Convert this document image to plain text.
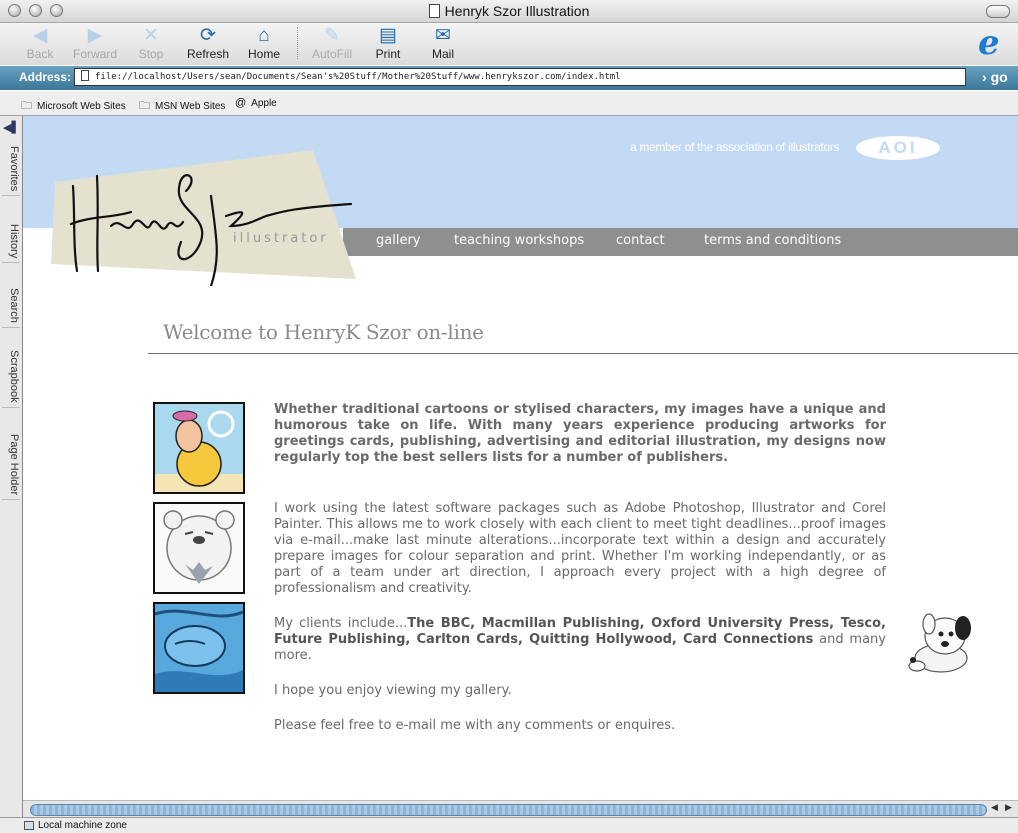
Henryk Szor Illustration
◀
Back
▶
Forward
✕
Stop
⟳
Refresh
⌂
Home
✎
AutoFill
▤
Print
✉
Mail	e
Address:	file://localhost/Users/sean/Documents/Sean's%20Stuff/Mother%20Stuff/www.henrykszor.com/index.html	› go
🗀 Microsoft Web Sites 🗀 MSN Web Sites @ Apple
◀▌
Favorites
History
Search
Scrapbook
Page Holder
a member of the association of illustrators	AOI
gallery	teaching workshops contact	terms and conditions
illustrator
Welcome to HenryK Szor on-line
Whether traditional cartoons or stylised characters, my images have a unique and humorous take on life. With many years experience producing artworks for greetings cards, publishing, advertising and editorial illustration, my designs now regularly top the best sellers lists for a number of publishers.
I work using the latest software packages such as Adobe Photoshop, Illustrator and Corel Painter. This allows me to work closely with each client to meet tight deadlines...proof images via e-mail...make last minute alterations...incorporate text within a design and accurately prepare images for colour separation and print. Whether I'm working independantly, or as part of a team under art direction, I approach every project with a high degree of professionalism and creativity.
My clients include...The BBC, Macmillan Publishing, Oxford University Press, Tesco, Future Publishing, Carlton Cards, Quitting Hollywood, Card Connections and many more.
I hope you enjoy viewing my gallery.
Please feel free to e-mail me with any comments or enquires.
◀ ▶
Local machine zone
